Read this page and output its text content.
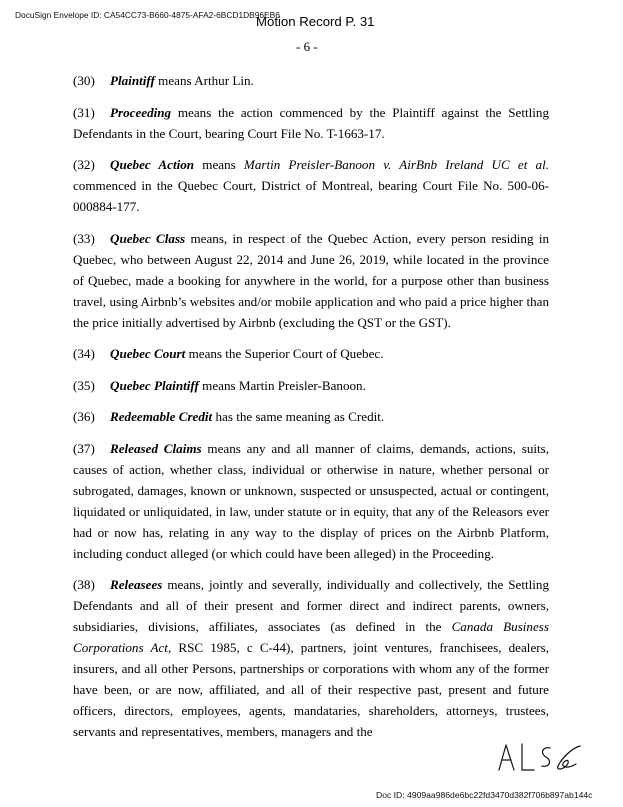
DocuSign Envelope ID: CA54CC73-B660-4875-AFA2-6BCD1DB96EB6
Motion Record P. 31
- 6 -

(30) Plaintiff means Arthur Lin.

(31) Proceeding means the action commenced by the Plaintiff against the Settling Defendants in the Court, bearing Court File No. T-1663-17.

(32) Quebec Action means Martin Preisler-Banoon v. AirBnb Ireland UC et al. commenced in the Quebec Court, District of Montreal, bearing Court File No. 500-06-000884-177.

(33) Quebec Class means, in respect of the Quebec Action, every person residing in Quebec, who between August 22, 2014 and June 26, 2019, while located in the province of Quebec, made a booking for anywhere in the world, for a purpose other than business travel, using Airbnb’s websites and/or mobile application and who paid a price higher than the price initially advertised by Airbnb (excluding the QST or the GST).

(34) Quebec Court means the Superior Court of Quebec.

(35) Quebec Plaintiff means Martin Preisler-Banoon.

(36) Redeemable Credit has the same meaning as Credit.

(37) Released Claims means any and all manner of claims, demands, actions, suits, causes of action, whether class, individual or otherwise in nature, whether personal or subrogated, damages, known or unknown, suspected or unsuspected, actual or contingent, liquidated or unliquidated, in law, under statute or in equity, that any of the Releasors ever had or now has, relating in any way to the display of prices on the Airbnb Platform, including conduct alleged (or which could have been alleged) in the Proceeding.

(38) Releasees means, jointly and severally, individually and collectively, the Settling Defendants and all of their present and former direct and indirect parents, owners, subsidiaries, divisions, affiliates, associates (as defined in the Canada Business Corporations Act, RSC 1985, c C-44), partners, joint ventures, franchisees, dealers, insurers, and all other Persons, partnerships or corporations with whom any of the former have been, or are now, affiliated, and all of their respective past, present and future officers, directors, employees, agents, mandataries, shareholders, attorneys, trustees, servants and representatives, members, managers and the

Doc ID: 4909aa986de6bc22fd3470d382f706b897ab144c
